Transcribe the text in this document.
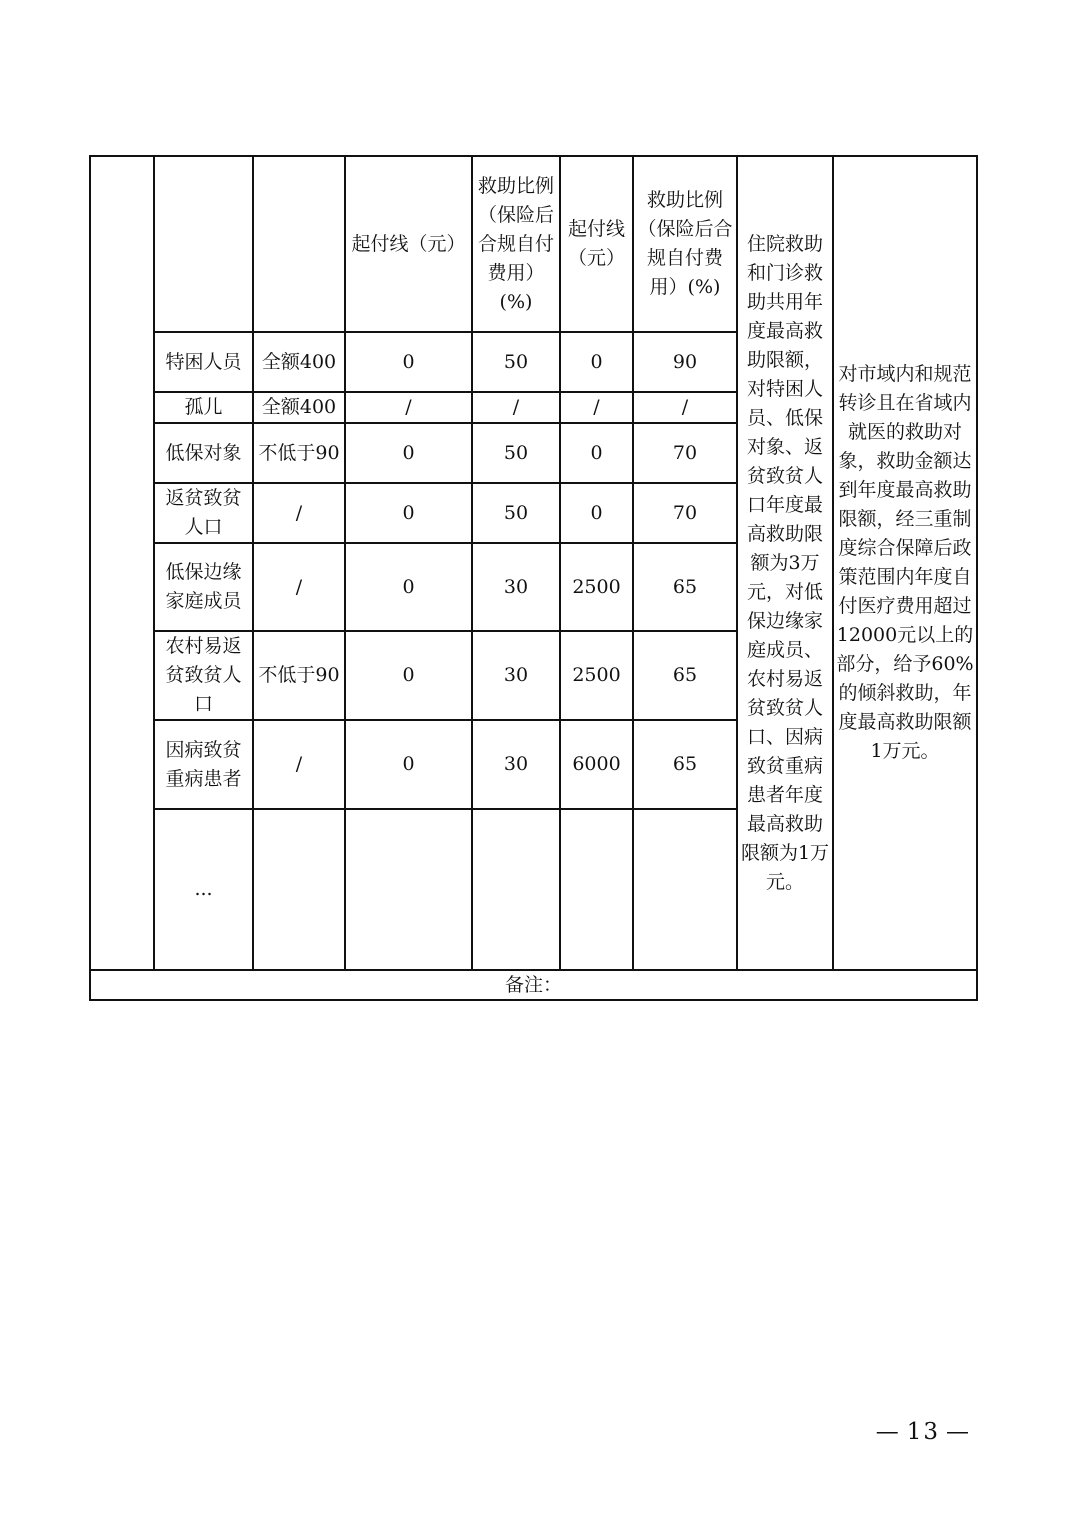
			起付线（元）	救助比例（保险后合规自付费用）(%)	起付线（元）	救助比例（保险后合规自付费用）(%)	住院救助和门诊救助共用年度最高救助限额，对特困人员、低保对象、返贫致贫人口年度最高救助限额为3万元，对低保边缘家庭成员、农村易返贫致贫人口、因病致贫重病患者年度最高救助限额为1万元。	对市域内和规范转诊且在省域内就医的救助对象，救助金额达到年度最高救助限额，经三重制度综合保障后政策范围内年度自付医疗费用超过12000元以上的部分，给予60%的倾斜救助，年度最高救助限额1万元。
	特困人员	全额400	0	50	0	90		
	孤儿	全额400	/	/	/	/		
	低保对象	不低于90	0	50	0	70		
	返贫致贫人口	/	0	50	0	70		
	低保边缘家庭成员	/	0	30	2500	65		
	农村易返贫致贫人口	不低于90	0	30	2500	65		
	因病致贫重病患者	/	0	30	6000	65		
	...							
备注：								
— 13 —
